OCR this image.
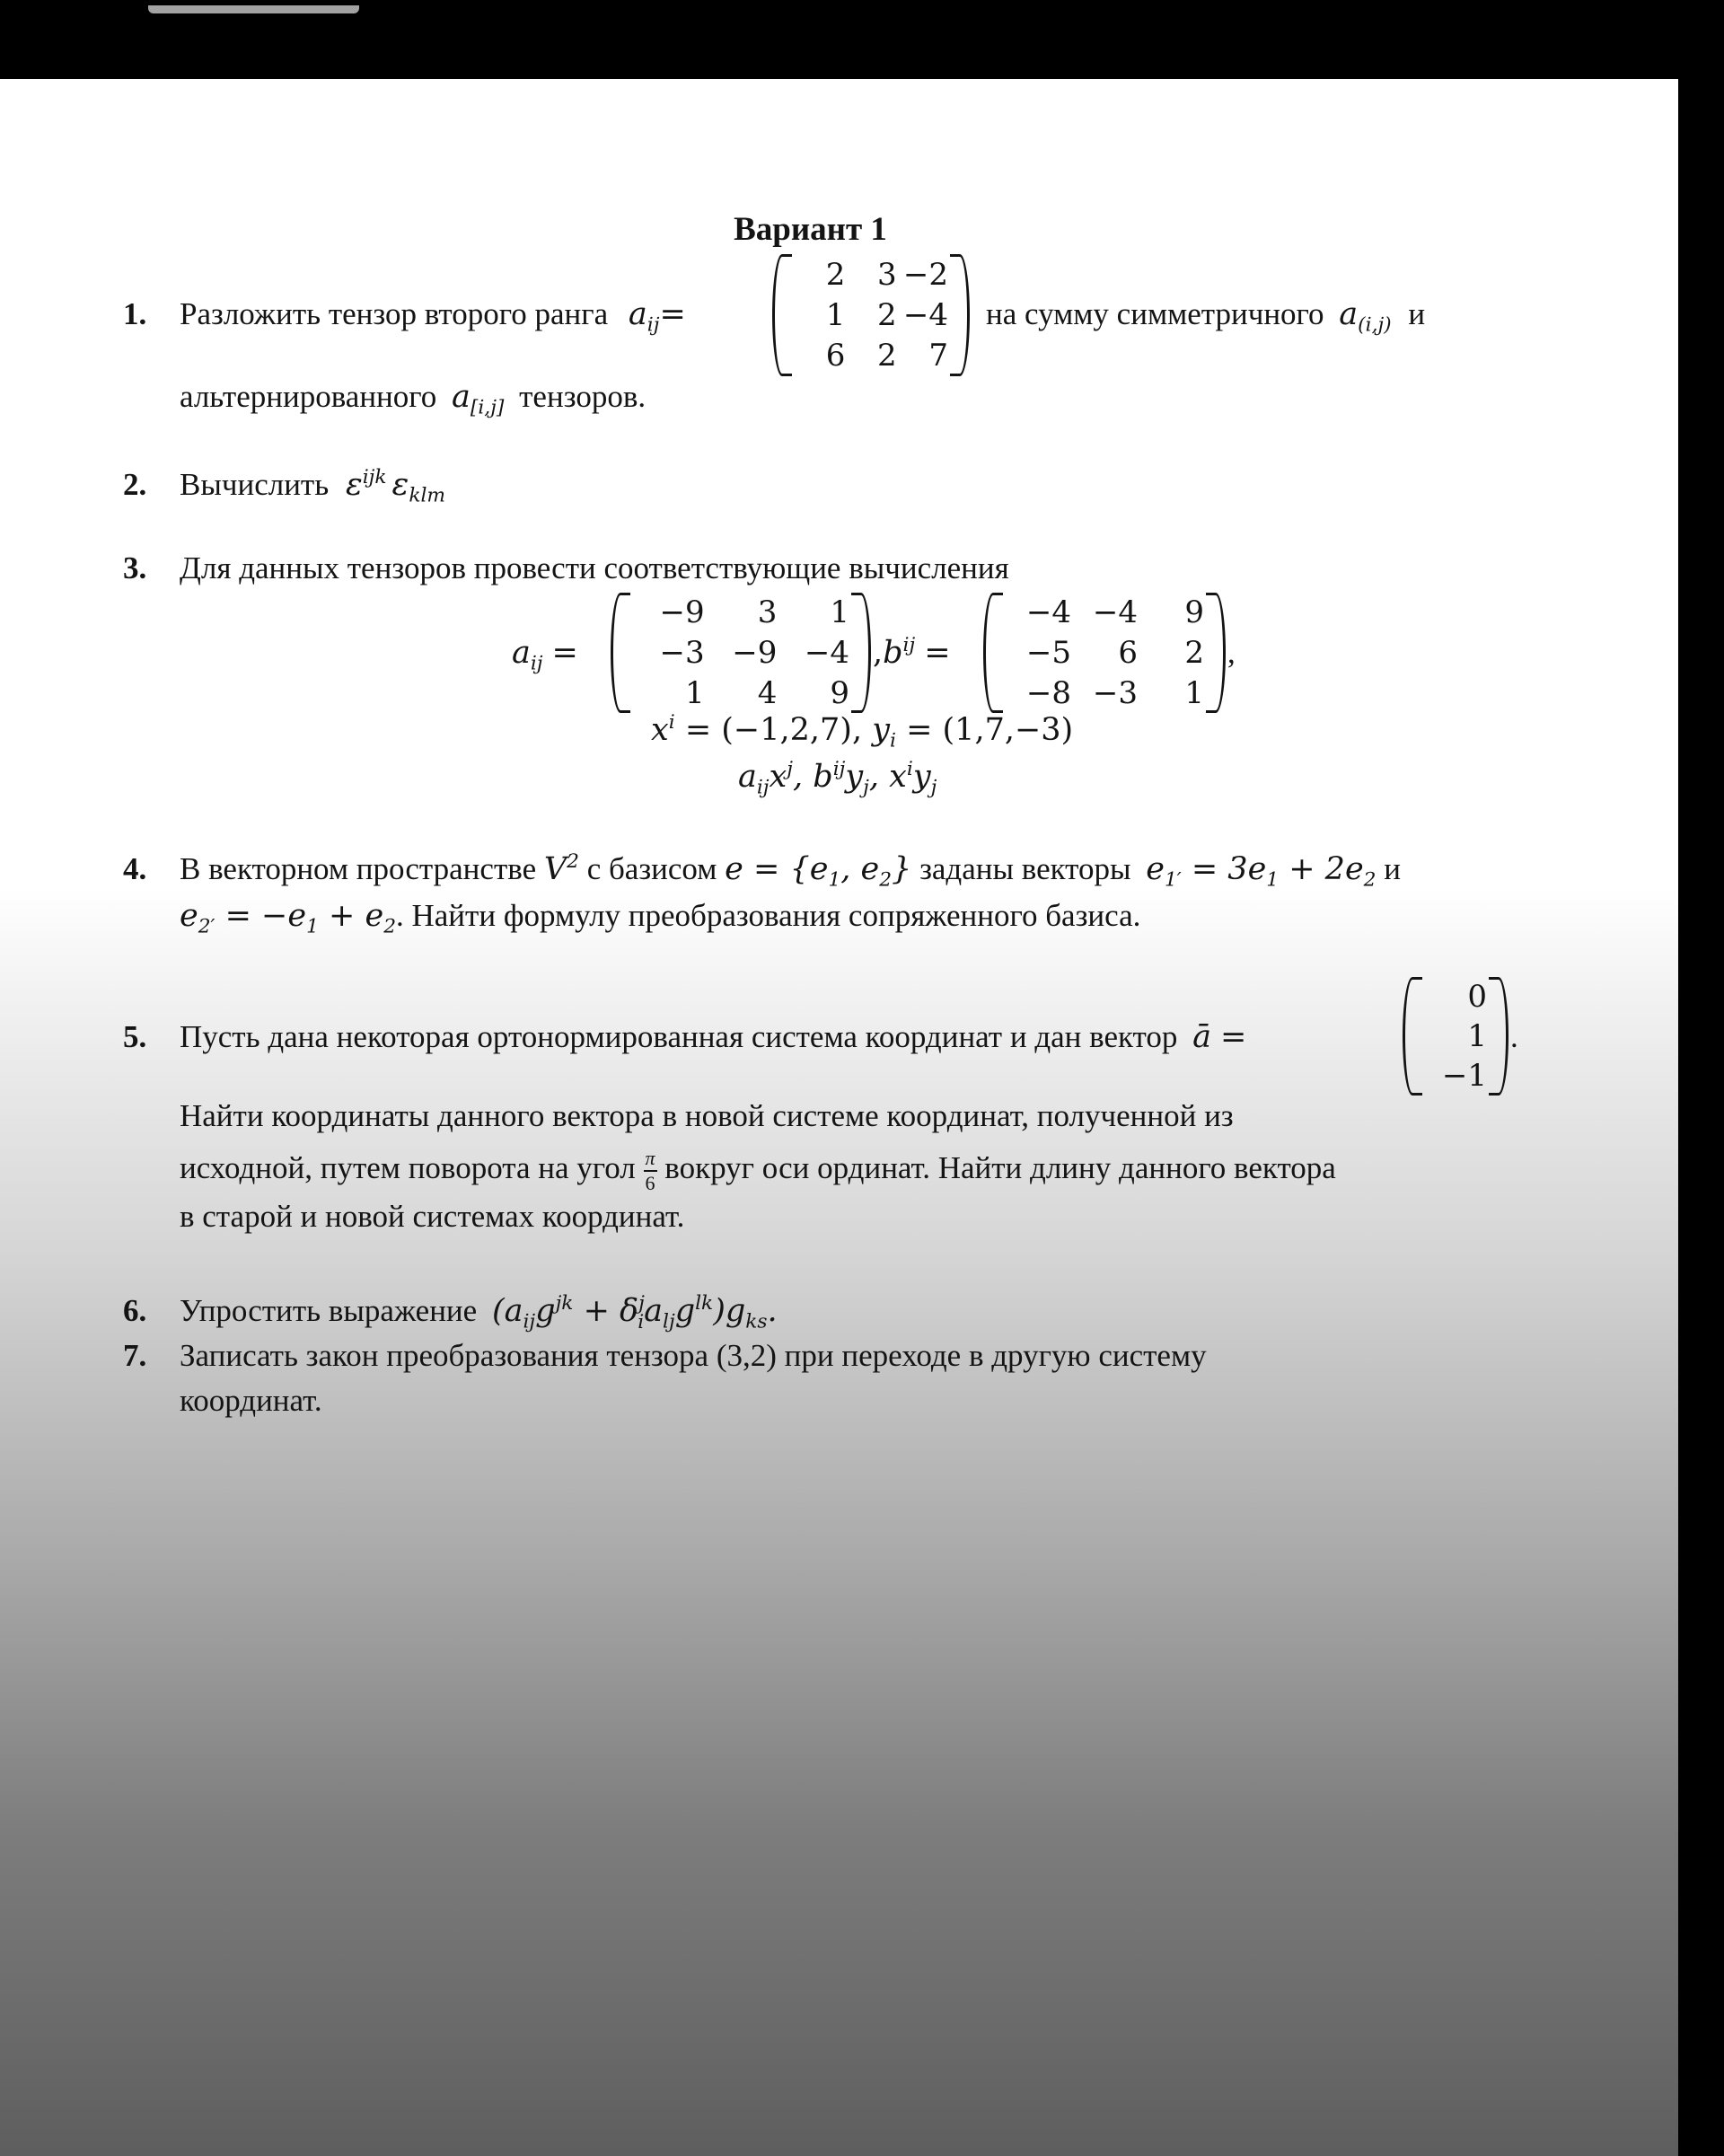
Вариант 1
1. Разложить тензор второго ранга $a_{ij}=$
2 3 −2
1 2 −4
6 2 7
на сумму симметричного $a_{(i,j)}$ и
альтернированного $a_{[i,j]}$ тензоров.
2. Вычислить $\varepsilon^{ijk}$ $\varepsilon_{klm}$
3. Для данных тензоров провести соответствующие вычисления
$a_{ij}$ =
−9 3 1
−3 −9 −4
1 4 9
$,b^{ij}$ =
−4 −4 9
−5 6 2
−8 −3 1
,
$x^i = (-1,2,7)$, $y_i = (1,7,-3)$
$a_{ij}x^j$, $b^{ij}y_j$, $x^iy_j$
4. В векторном пространстве $V^2$ с базисом $e = \{e_1$, $e_2$} заданы векторы $e_{1'} = 3e_1 + 2e_2$ и
$e_{2'} = -e_1 + e_2$. Найти формулу преобразования сопряженного базиса.
5. Пусть дана некоторая ортонормированная система координат и дан вектор ā =
0
1
−1
.
Найти координаты данного вектора в новой системе координат, полученной из
исходной, путем поворота на угол $\frac{\pi}{6}$ вокруг оси ординат. Найти длину данного вектора
в старой и новой системах координат.
6. Упростить выражение $(a_{ij}g^{jk} + \delta^j_ia_{lj}g^{lk})g_{ks}$.
7. Записать закон преобразования тензора (3,2) при переходе в другую систему
координат.
